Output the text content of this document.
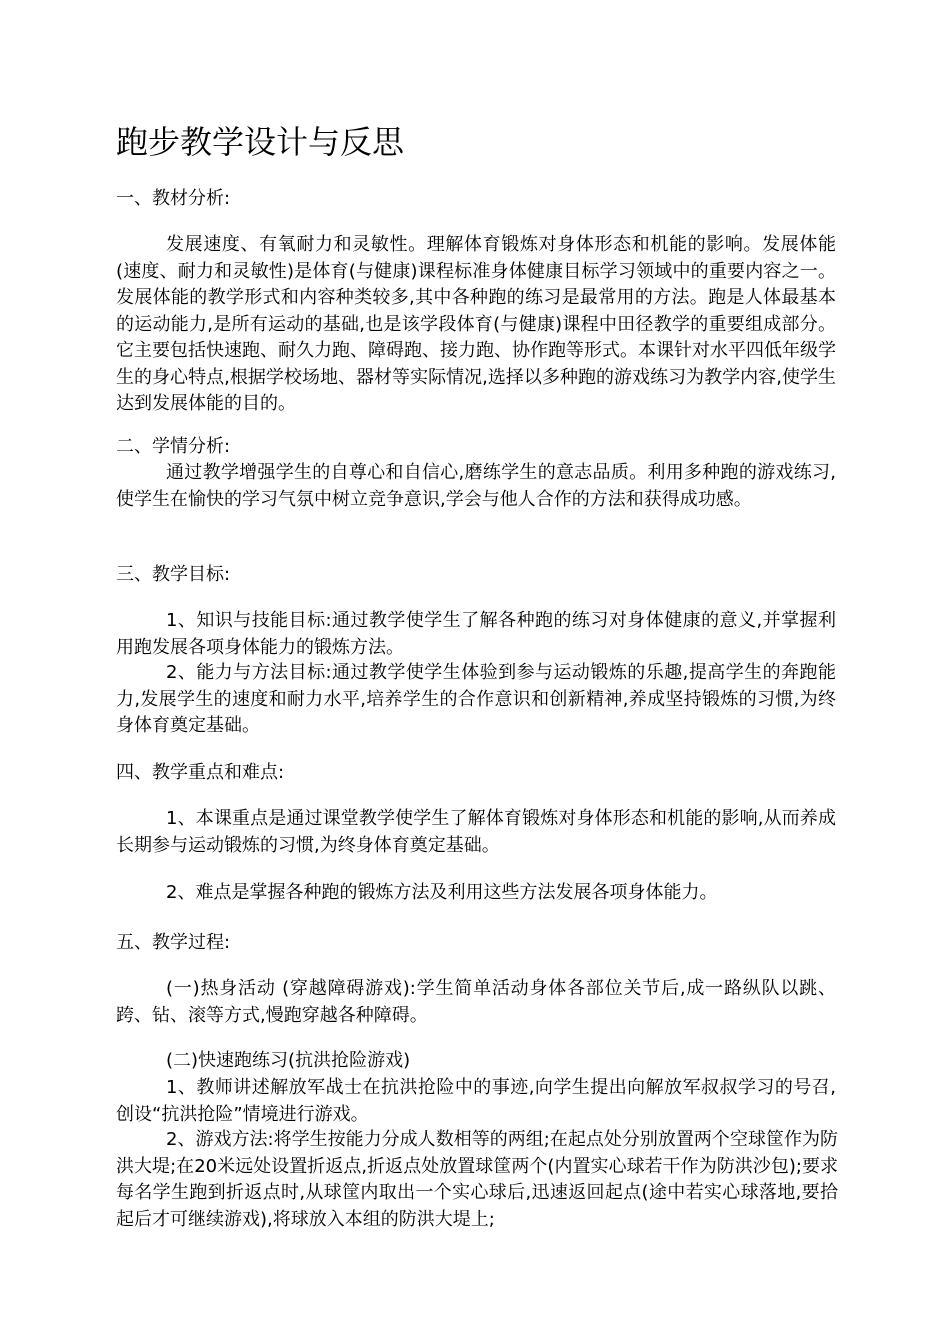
跑步教学设计与反思
一、教材分析:

发展速度、有氧耐力和灵敏性。理解体育锻炼对身体形态和机能的影响。发展体能(速度、耐力和灵敏性)是体育(与健康)课程标准身体健康目标学习领域中的重要内容之一。发展体能的教学形式和内容种类较多,其中各种跑的练习是最常用的方法。跑是人体最基本的运动能力,是所有运动的基础,也是该学段体育(与健康)课程中田径教学的重要组成部分。它主要包括快速跑、耐久力跑、障碍跑、接力跑、协作跑等形式。本课针对水平四低年级学生的身心特点,根据学校场地、器材等实际情况,选择以多种跑的游戏练习为教学内容,使学生达到发展体能的目的。

二、学情分析:

通过教学增强学生的自尊心和自信心,磨练学生的意志品质。利用多种跑的游戏练习,使学生在愉快的学习气氛中树立竞争意识,学会与他人合作的方法和获得成功感。

三、教学目标:

1、知识与技能目标:通过教学使学生了解各种跑的练习对身体健康的意义,并掌握利用跑发展各项身体能力的锻炼方法。

2、能力与方法目标:通过教学使学生体验到参与运动锻炼的乐趣,提高学生的奔跑能力,发展学生的速度和耐力水平,培养学生的合作意识和创新精神,养成坚持锻炼的习惯,为终身体育奠定基础。

四、教学重点和难点:

1、本课重点是通过课堂教学使学生了解体育锻炼对身体形态和机能的影响,从而养成长期参与运动锻炼的习惯,为终身体育奠定基础。

2、难点是掌握各种跑的锻炼方法及利用这些方法发展各项身体能力。

五、教学过程:

(一)热身活动 (穿越障碍游戏):学生简单活动身体各部位关节后,成一路纵队以跳、跨、钻、滚等方式,慢跑穿越各种障碍。

(二)快速跑练习(抗洪抢险游戏)

1、教师讲述解放军战士在抗洪抢险中的事迹,向学生提出向解放军叔叔学习的号召,创设“抗洪抢险”情境进行游戏。

2、游戏方法:将学生按能力分成人数相等的两组;在起点处分别放置两个空球筐作为防洪大堤;在20米远处设置折返点,折返点处放置球筐两个(内置实心球若干作为防洪沙包);要求每名学生跑到折返点时,从球筐内取出一个实心球后,迅速返回起点(途中若实心球落地,要拾起后才可继续游戏),将球放入本组的防洪大堤上;
